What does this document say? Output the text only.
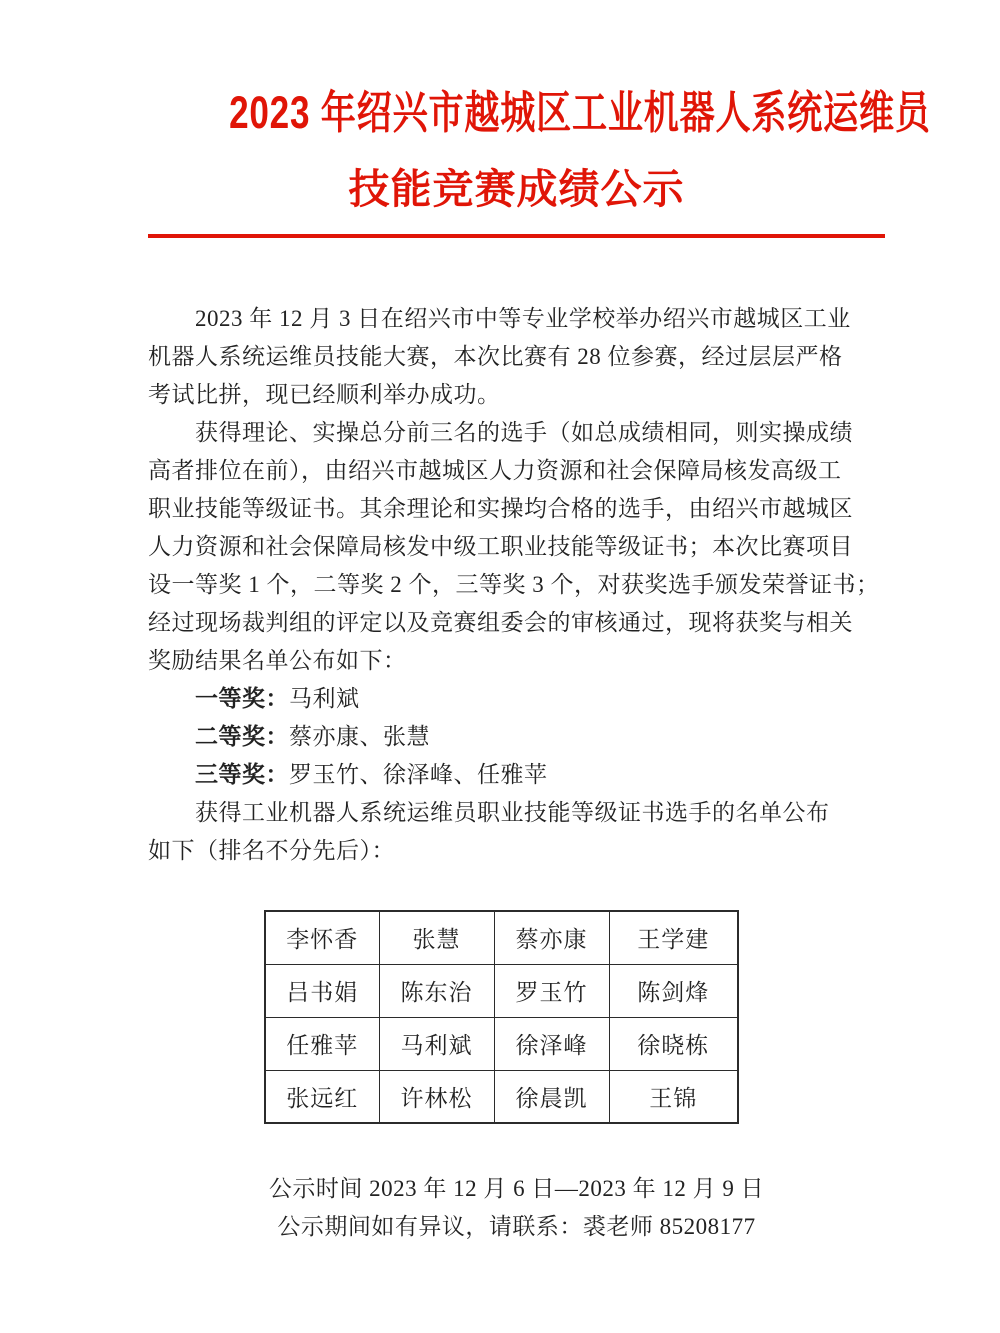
2023 年绍兴市越城区工业机器人系统运维员
技能竞赛成绩公示
2023 年 12 月 3 日在绍兴市中等专业学校举办绍兴市越城区工业
机器人系统运维员技能大赛，本次比赛有 28 位参赛，经过层层严格
考试比拼，现已经顺利举办成功。
获得理论、实操总分前三名的选手（如总成绩相同，则实操成绩
高者排位在前），由绍兴市越城区人力资源和社会保障局核发高级工
职业技能等级证书。其余理论和实操均合格的选手，由绍兴市越城区
人力资源和社会保障局核发中级工职业技能等级证书；本次比赛项目
设一等奖 1 个，二等奖 2 个，三等奖 3 个，对获奖选手颁发荣誉证书；
经过现场裁判组的评定以及竞赛组委会的审核通过，现将获奖与相关
奖励结果名单公布如下：
一等奖：马利斌
二等奖：蔡亦康、张慧
三等奖：罗玉竹、徐泽峰、任雅苹
获得工业机器人系统运维员职业技能等级证书选手的名单公布
如下（排名不分先后）：
李怀香	张慧	蔡亦康	王学建
吕书娟	陈东治	罗玉竹	陈剑烽
任雅苹	马利斌	徐泽峰	徐晓栋
张远红	许林松	徐晨凯	王锦
公示时间 2023 年 12 月 6 日—2023 年 12 月 9 日
公示期间如有异议，请联系：裘老师 85208177
